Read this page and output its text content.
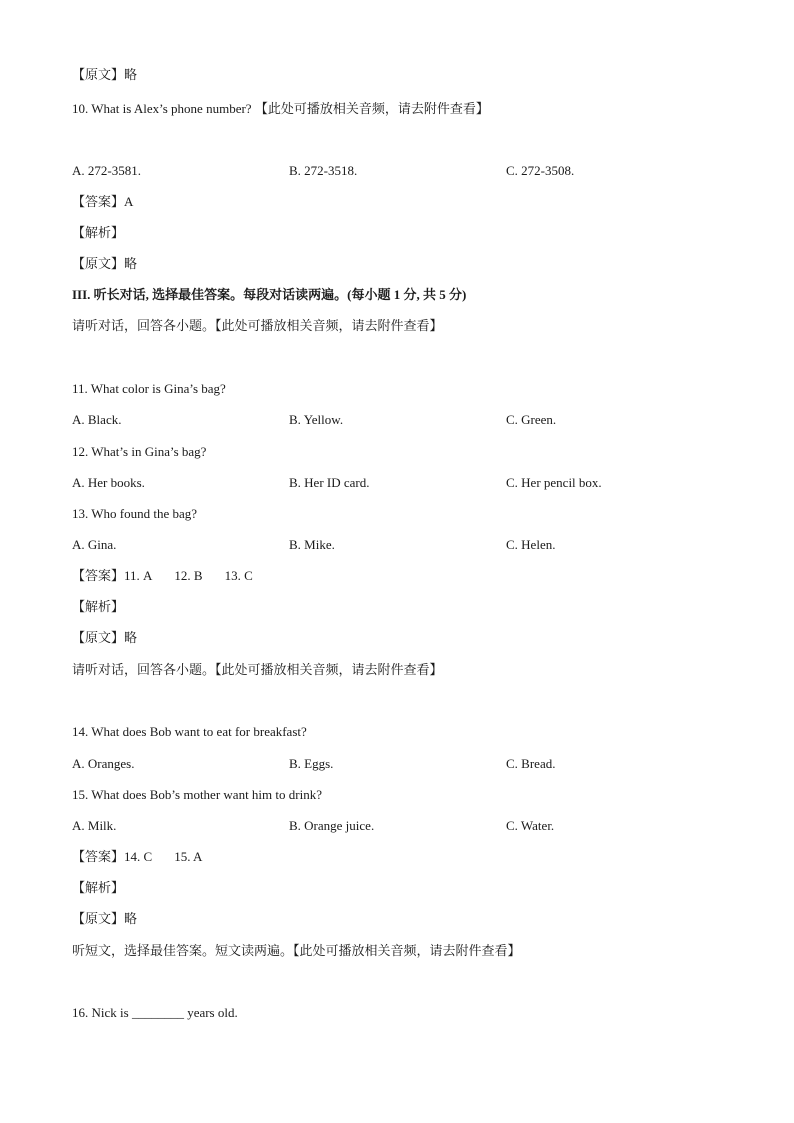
【原文】略
10. What is Alex’s phone number? 【此处可播放相关音频，请去附件查看】
A. 272-3581.	B. 272-3518.	C. 272-3508.
【答案】A
【解析】
【原文】略
III. 听长对话, 选择最佳答案。每段对话读两遍。(每小题 1 分, 共 5 分)
请听对话，回答各小题。【此处可播放相关音频，请去附件查看】
11. What color is Gina’s bag?
A. Black.	B. Yellow.	C. Green.
12. What’s in Gina’s bag?
A. Her books.	B. Her ID card.	C. Her pencil box.
13. Who found the bag?
A. Gina.	B. Mike.	C. Helen.
【答案】11. A 12. B 13. C
【解析】
【原文】略
请听对话，回答各小题。【此处可播放相关音频，请去附件查看】
14. What does Bob want to eat for breakfast?
A. Oranges.	B. Eggs.	C. Bread.
15. What does Bob’s mother want him to drink?
A. Milk.	B. Orange juice.	C. Water.
【答案】14. C 15. A
【解析】
【原文】略
听短文，选择最佳答案。短文读两遍。【此处可播放相关音频，请去附件查看】
16. Nick is ________ years old.
